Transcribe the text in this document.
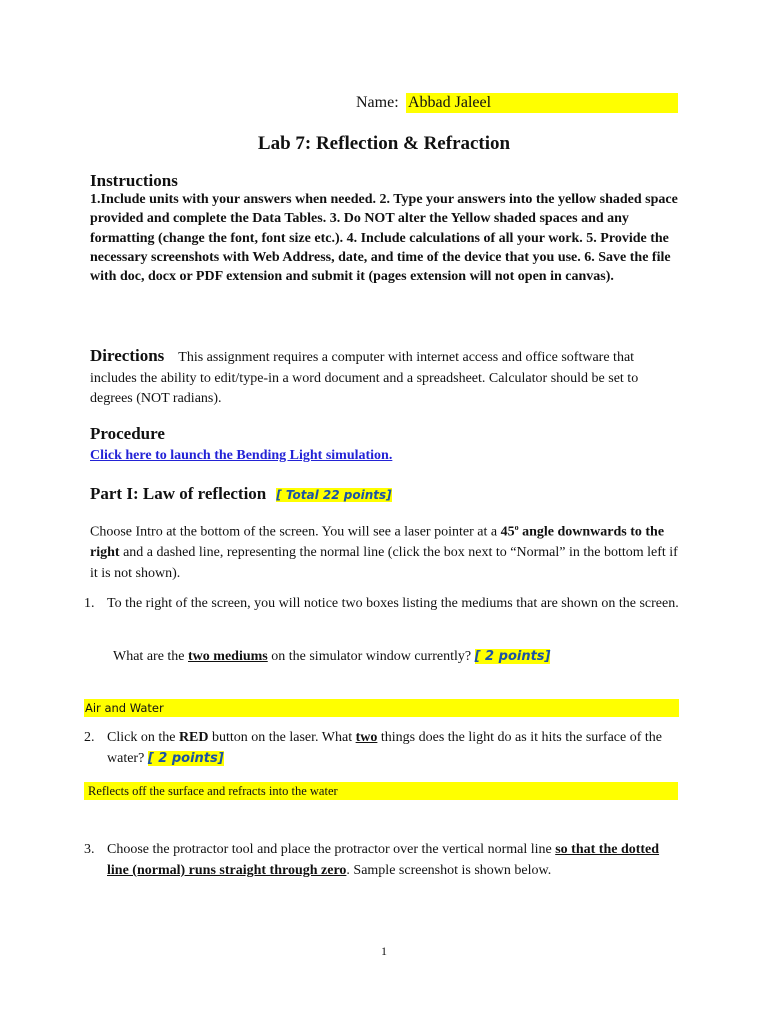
Name: Abbad Jaleel
Lab 7: Reflection & Refraction
Instructions
1.Include units with your answers when needed. 2. Type your answers into the yellow shaded space provided and complete the Data Tables. 3. Do NOT alter the Yellow shaded spaces and any formatting (change the font, font size etc.). 4. Include calculations of all your work. 5. Provide the necessary screenshots with Web Address, date, and time of the device that you use. 6. Save the file with doc, docx or PDF extension and submit it (pages extension will not open in canvas).
Directions This assignment requires a computer with internet access and office software that includes the ability to edit/type-in a word document and a spreadsheet. Calculator should be set to degrees (NOT radians).
Procedure
Click here to launch the Bending Light simulation.
Part I: Law of reflection [ Total 22 points]
Choose Intro at the bottom of the screen. You will see a laser pointer at a 45$^o$ angle downwards to the right and a dashed line, representing the normal line (click the box next to “Normal” in the bottom left if it is not shown).
1. To the right of the screen, you will notice two boxes listing the mediums that are shown on the screen.
What are the two mediums on the simulator window currently? [ 2 points]
Air and Water
2. Click on the RED button on the laser. What two things does the light do as it hits the surface of the water? [ 2 points]
Reflects off the surface and refracts into the water
3. Choose the protractor tool and place the protractor over the vertical normal line so that the dotted line (normal) runs straight through zero. Sample screenshot is shown below.
1
